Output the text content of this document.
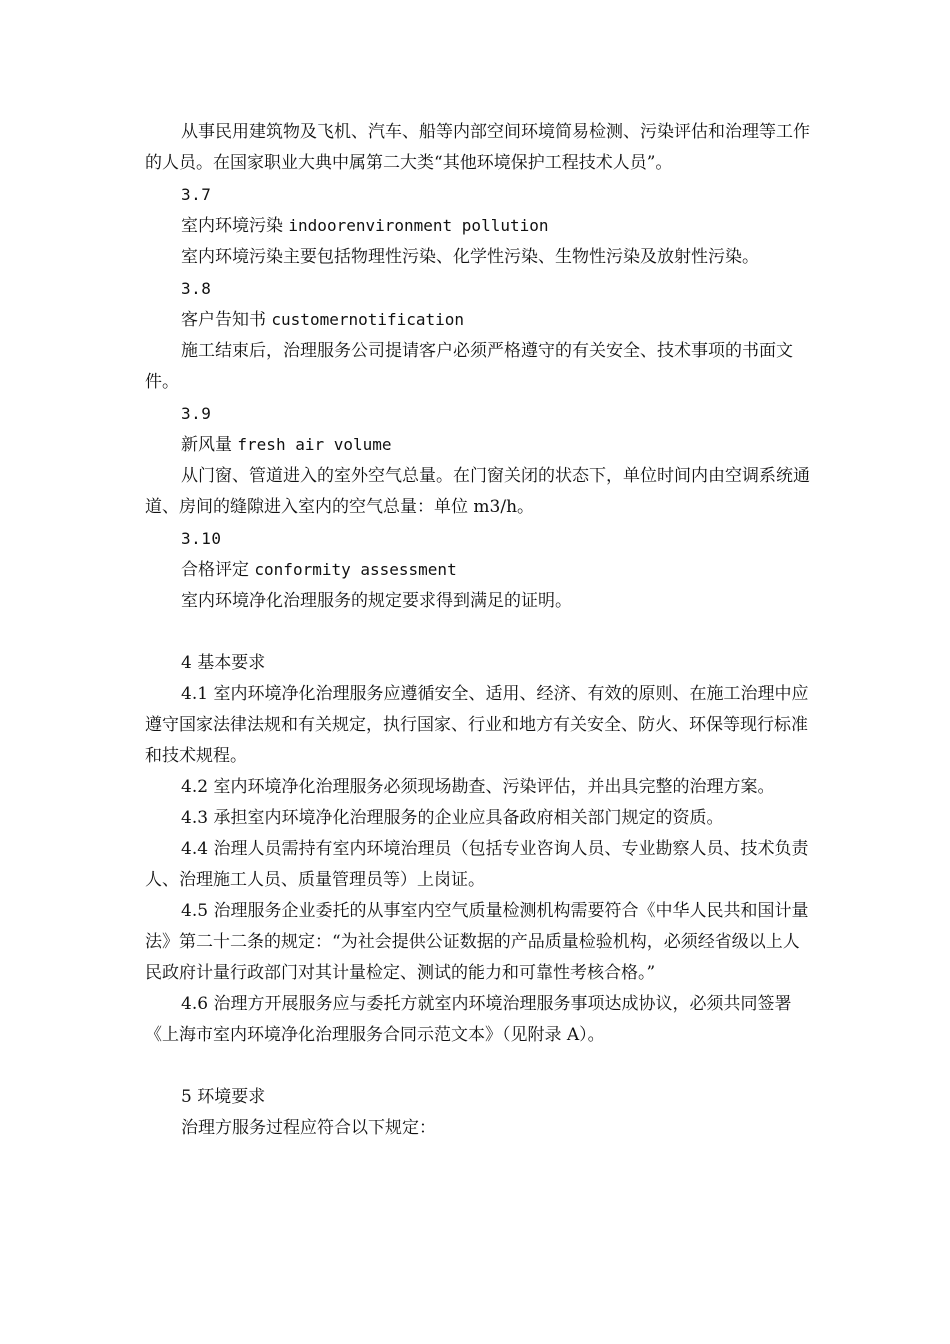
从事民用建筑物及飞机、汽车、船等内部空间环境简易检测、污染评估和治理等工作的人员。在国家职业大典中属第二大类“其他环境保护工程技术人员”。

3.7

室内环境污染 indoorenvironment pollution

室内环境污染主要包括物理性污染、化学性污染、生物性污染及放射性污染。

3.8

客户告知书 customernotification

施工结束后，治理服务公司提请客户必须严格遵守的有关安全、技术事项的书面文件。

3.9

新风量 fresh air volume

从门窗、管道进入的室外空气总量。在门窗关闭的状态下，单位时间内由空调系统通道、房间的缝隙进入室内的空气总量：单位 m3/h。

3.10

合格评定 conformity assessment

室内环境净化治理服务的规定要求得到满足的证明。

4 基本要求

4.1 室内环境净化治理服务应遵循安全、适用、经济、有效的原则、在施工治理中应遵守国家法律法规和有关规定，执行国家、行业和地方有关安全、防火、环保等现行标准和技术规程。

4.2 室内环境净化治理服务必须现场勘查、污染评估，并出具完整的治理方案。

4.3 承担室内环境净化治理服务的企业应具备政府相关部门规定的资质。

4.4 治理人员需持有室内环境治理员（包括专业咨询人员、专业勘察人员、技术负责人、治理施工人员、质量管理员等）上岗证。

4.5 治理服务企业委托的从事室内空气质量检测机构需要符合《中华人民共和国计量法》第二十二条的规定：“为社会提供公证数据的产品质量检验机构，必须经省级以上人民政府计量行政部门对其计量检定、测试的能力和可靠性考核合格。”

4.6 治理方开展服务应与委托方就室内环境治理服务事项达成协议，必须共同签署《上海市室内环境净化治理服务合同示范文本》（见附录 A）。

5 环境要求

治理方服务过程应符合以下规定：
